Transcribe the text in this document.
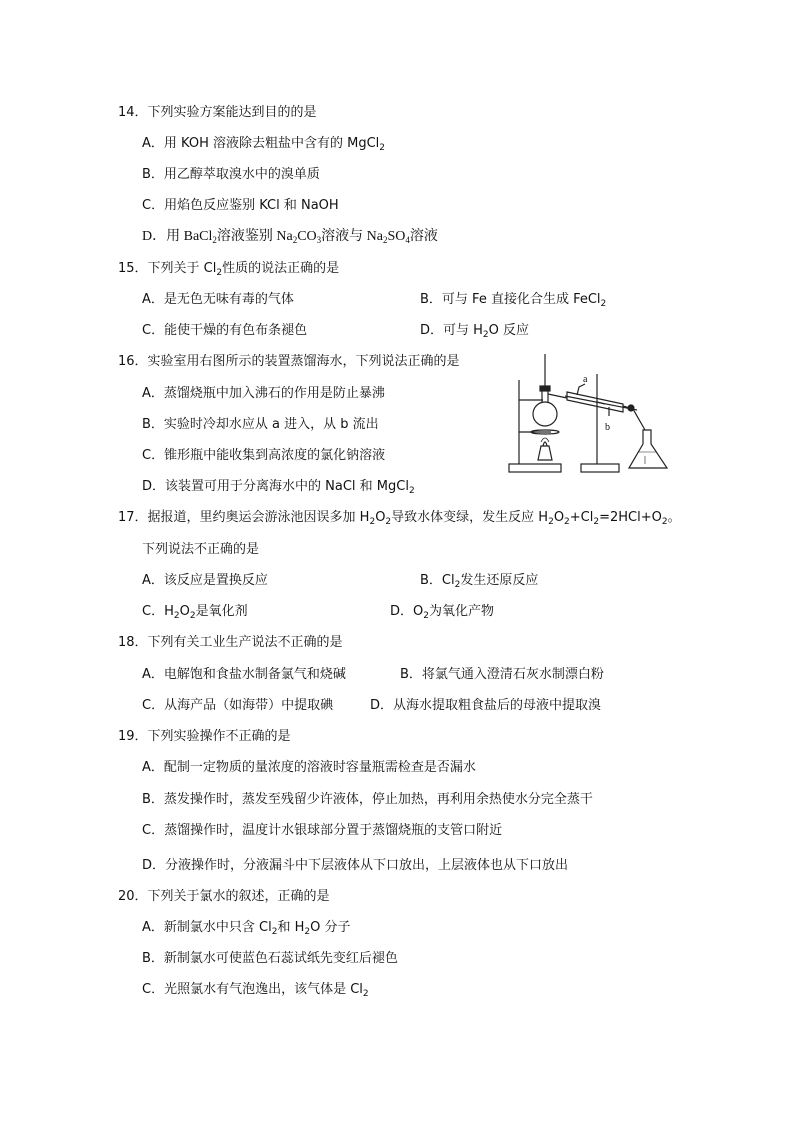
14．下列实验方案能达到目的的是
A．用 KOH 溶液除去粗盐中含有的 MgCl$_2$
B．用乙醇萃取溴水中的溴单质
C．用焰色反应鉴别 KCl 和 NaOH
D．用 BaCl$_2$溶液鉴别 $Na_2CO_3$溶液与 $Na_2SO_4$溶液
15．下列关于 $Cl_2$性质的说法正确的是
A．是无色无味有毒的气体	B．可与 Fe 直接化合生成 FeCl$_2$
C．能使干燥的有色布条褪色	D．可与 $H_2O$ 反应
16．实验室用右图所示的装置蒸馏海水，下列说法正确的是
A．蒸馏烧瓶中加入沸石的作用是防止暴沸
B．实验时冷却水应从 a 进入，从 b 流出
C．锥形瓶中能收集到高浓度的氯化钠溶液
D．该装置可用于分离海水中的 NaCl 和 MgCl$_2$
a
b
17．据报道，里约奥运会游泳池因误多加 $H_2O_2$导致水体变绿，发生反应 $H_2O_2+Cl_2=2HCl+O_2$。
下列说法不正确的是
A．该反应是置换反应	B．$Cl_2$发生还原反应
C．$H_2O_2$是氧化剂	D．$O_2$为氧化产物
18．下列有关工业生产说法不正确的是
A．电解饱和食盐水制备氯气和烧碱	B．将氯气通入澄清石灰水制漂白粉
C．从海产品（如海带）中提取碘	D．从海水提取粗食盐后的母液中提取溴
19．下列实验操作不正确的是
A．配制一定物质的量浓度的溶液时容量瓶需检查是否漏水
B．蒸发操作时，蒸发至残留少许液体，停止加热，再利用余热使水分完全蒸干
C．蒸馏操作时，温度计水银球部分置于蒸馏烧瓶的支管口附近
D．分液操作时，分液漏斗中下层液体从下口放出，上层液体也从下口放出
20．下列关于氯水的叙述，正确的是
A．新制氯水中只含 $Cl_2$和 $H_2O$ 分子
B．新制氯水可使蓝色石蕊试纸先变红后褪色
C．光照氯水有气泡逸出，该气体是 $Cl_2$
